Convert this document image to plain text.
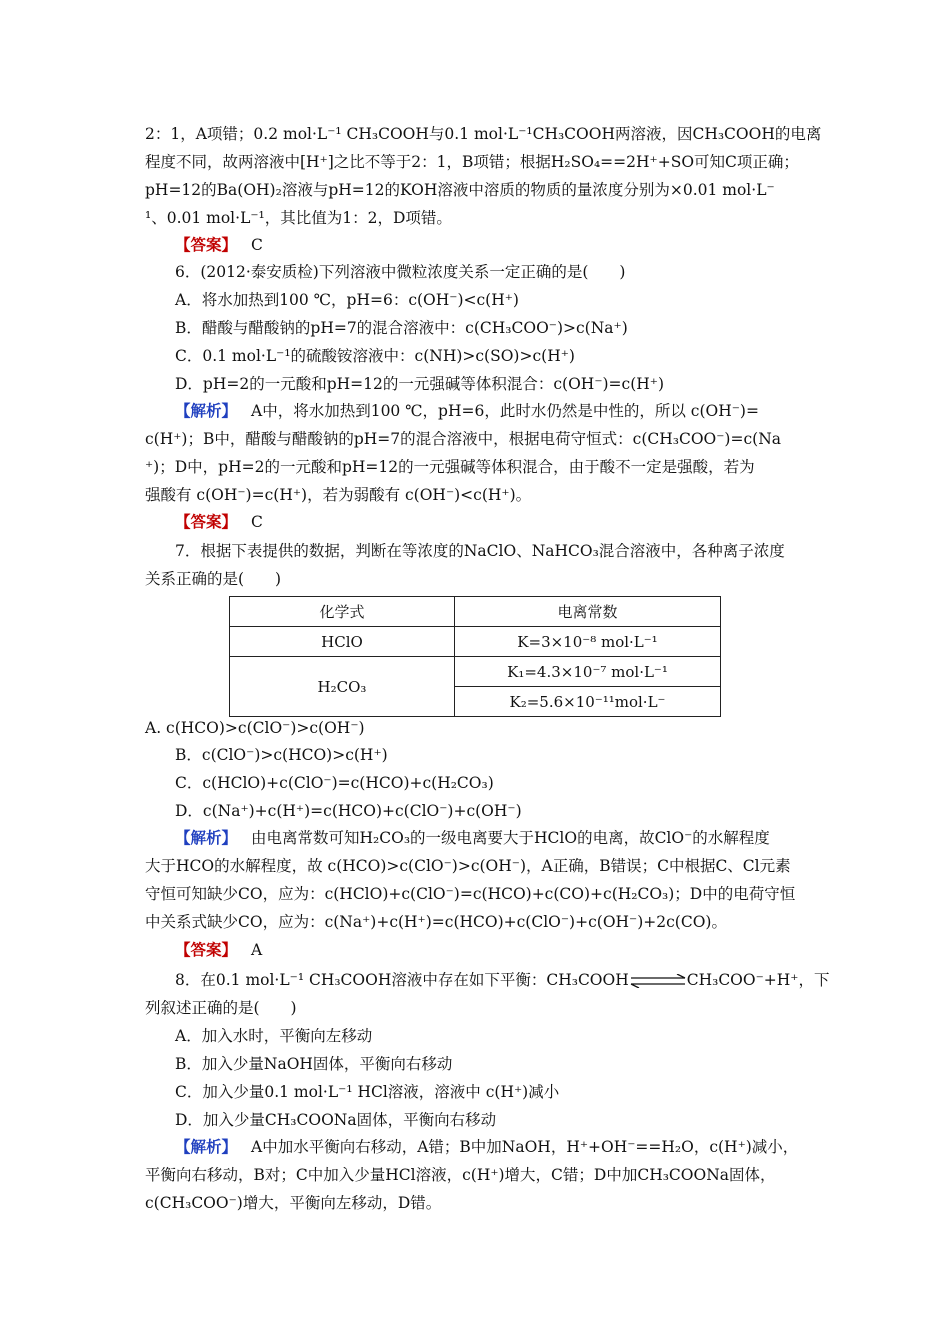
2：1，A项错；0.2 mol·L⁻¹ CH₃COOH与0.1 mol·L⁻¹CH₃COOH两溶液，因CH₃COOH的电离
程度不同，故两溶液中[H⁺]之比不等于2：1，B项错；根据H₂SO₄==2H⁺+SO可知C项正确；
pH=12的Ba(OH)₂溶液与pH=12的KOH溶液中溶质的物质的量浓度分别为×0.01 mol·L⁻
¹、0.01 mol·L⁻¹，其比值为1：2，D项错。
【答案】 C
6．(2012·泰安质检)下列溶液中微粒浓度关系一定正确的是(　　)
A．将水加热到100 ℃，pH=6：c(OH⁻)<c(H⁺)
B．醋酸与醋酸钠的pH=7的混合溶液中：c(CH₃COO⁻)>c(Na⁺)
C．0.1 mol·L⁻¹的硫酸铵溶液中：c(NH)>c(SO)>c(H⁺)
D．pH=2的一元酸和pH=12的一元强碱等体积混合：c(OH⁻)=c(H⁺)
【解析】 A中，将水加热到100 ℃，pH=6，此时水仍然是中性的，所以 c(OH⁻)=
c(H⁺)；B中，醋酸与醋酸钠的pH=7的混合溶液中，根据电荷守恒式：c(CH₃COO⁻)=c(Na
⁺)；D中，pH=2的一元酸和pH=12的一元强碱等体积混合，由于酸不一定是强酸，若为
强酸有 c(OH⁻)=c(H⁺)，若为弱酸有 c(OH⁻)<c(H⁺)。
【答案】 C
7．根据下表提供的数据，判断在等浓度的NaClO、NaHCO₃混合溶液中，各种离子浓度
关系正确的是(　　)
化学式	电离常数
HClO	K=3×10⁻⁸ mol·L⁻¹
H₂CO₃	K₁=4.3×10⁻⁷ mol·L⁻¹
	K₂=5.6×10⁻¹¹mol·L⁻
A. c(HCO)>c(ClO⁻)>c(OH⁻)
B．c(ClO⁻)>c(HCO)>c(H⁺)
C．c(HClO)+c(ClO⁻)=c(HCO)+c(H₂CO₃)
D．c(Na⁺)+c(H⁺)=c(HCO)+c(ClO⁻)+c(OH⁻)
【解析】 由电离常数可知H₂CO₃的一级电离要大于HClO的电离，故ClO⁻的水解程度
大于HCO的水解程度，故 c(HCO)>c(ClO⁻)>c(OH⁻)，A正确，B错误；C中根据C、Cl元素
守恒可知缺少CO，应为：c(HClO)+c(ClO⁻)=c(HCO)+c(CO)+c(H₂CO₃)；D中的电荷守恒
中关系式缺少CO，应为：c(Na⁺)+c(H⁺)=c(HCO)+c(ClO⁻)+c(OH⁻)+2c(CO)。
【答案】 A
8．在0.1 mol·L⁻¹ CH₃COOH溶液中存在如下平衡：CH₃COOH⇌CH₃COO⁻+H⁺，下
列叙述正确的是(　　)
A．加入水时，平衡向左移动
B．加入少量NaOH固体，平衡向右移动
C．加入少量0.1 mol·L⁻¹ HCl溶液，溶液中 c(H⁺)减小
D．加入少量CH₃COONa固体，平衡向右移动
【解析】 A中加水平衡向右移动，A错；B中加NaOH，H⁺+OH⁻==H₂O，c(H⁺)减小，
平衡向右移动，B对；C中加入少量HCl溶液，c(H⁺)增大，C错；D中加CH₃COONa固体，
c(CH₃COO⁻)增大，平衡向左移动，D错。
